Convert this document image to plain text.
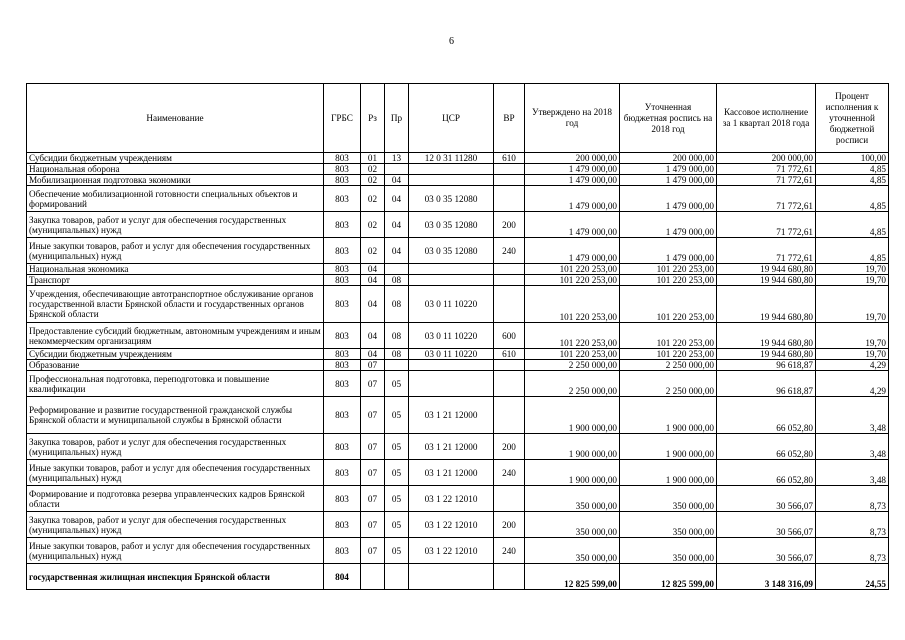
6
Наименование	ГРБС	Рз	Пр	ЦСР	ВР	Утверждено на 2018 год	Уточненная бюджетная роспись на 2018 год	Кассовое исполнение за 1 квартал 2018 года	Процент исполнения к уточненной бюджетной росписи
Субсидии бюджетным учреждениям	803	01	13	12 0 31 11280	610	200 000,00	200 000,00	200 000,00	100,00
Национальная оборона	803	02				1 479 000,00	1 479 000,00	71 772,61	4,85
Мобилизационная подготовка экономики	803	02	04			1 479 000,00	1 479 000,00	71 772,61	4,85
Обеспечение мобилизационной готовности специальных объектов и формирований	803	02	04	03 0 35 12080		1 479 000,00	1 479 000,00	71 772,61	4,85
Закупка товаров, работ и услуг для обеспечения государственных (муниципальных) нужд	803	02	04	03 0 35 12080	200	1 479 000,00	1 479 000,00	71 772,61	4,85
Иные закупки товаров, работ и услуг для обеспечения государственных (муниципальных) нужд	803	02	04	03 0 35 12080	240	1 479 000,00	1 479 000,00	71 772,61	4,85
Национальная экономика	803	04				101 220 253,00	101 220 253,00	19 944 680,80	19,70
Транспорт	803	04	08			101 220 253,00	101 220 253,00	19 944 680,80	19,70
Учреждения, обеспечивающие автотранспортное обслуживание органов государственной власти Брянской области и государственных органов Брянской области	803	04	08	03 0 11 10220		101 220 253,00	101 220 253,00	19 944 680,80	19,70
Предоставление субсидий бюджетным, автономным учреждениям и иным некоммерческим организациям	803	04	08	03 0 11 10220	600	101 220 253,00	101 220 253,00	19 944 680,80	19,70
Субсидии бюджетным учреждениям	803	04	08	03 0 11 10220	610	101 220 253,00	101 220 253,00	19 944 680,80	19,70
Образование	803	07				2 250 000,00	2 250 000,00	96 618,87	4,29
Профессиональная подготовка, переподготовка и повышение квалификации	803	07	05			2 250 000,00	2 250 000,00	96 618,87	4,29
Реформирование и развитие государственной гражданской службы Брянской области и муниципальной службы в Брянской области	803	07	05	03 1 21 12000		1 900 000,00	1 900 000,00	66 052,80	3,48
Закупка товаров, работ и услуг для обеспечения государственных (муниципальных) нужд	803	07	05	03 1 21 12000	200	1 900 000,00	1 900 000,00	66 052,80	3,48
Иные закупки товаров, работ и услуг для обеспечения государственных (муниципальных) нужд	803	07	05	03 1 21 12000	240	1 900 000,00	1 900 000,00	66 052,80	3,48
Формирование и подготовка резерва управленческих кадров Брянской области	803	07	05	03 1 22 12010		350 000,00	350 000,00	30 566,07	8,73
Закупка товаров, работ и услуг для обеспечения государственных (муниципальных) нужд	803	07	05	03 1 22 12010	200	350 000,00	350 000,00	30 566,07	8,73
Иные закупки товаров, работ и услуг для обеспечения государственных (муниципальных) нужд	803	07	05	03 1 22 12010	240	350 000,00	350 000,00	30 566,07	8,73
государственная жилищная инспекция Брянской области	804					12 825 599,00	12 825 599,00	3 148 316,09	24,55
